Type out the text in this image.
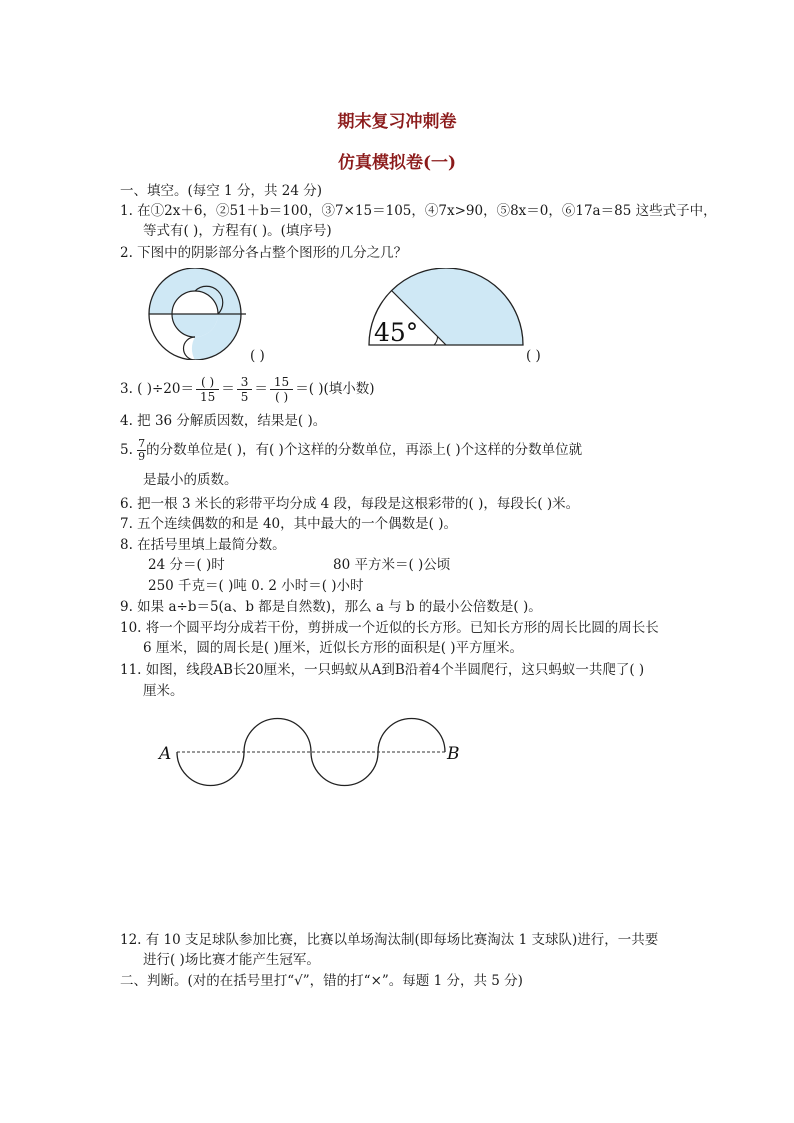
期末复习冲刺卷
仿真模拟卷(一)
一、填空。(每空 1 分，共 24 分)
1. 在①2x＋6，②51＋b＝100，③7×15＝105，④7x>90，⑤8x＝0，⑥17a＝85 这些式子中，
等式有( )，方程有( )。(填序号)
2. 下图中的阴影部分各占整个图形的几分之几？
( )
45°
( )
3. ( )$\div 20= \frac{( )}{15} = \frac{3}{5} = \frac{15}{( )}$ ＝( )(填小数)
4. 把 36 分解质因数，结果是( )。
5. $\frac{7}{9}$ 的分数单位是( )，有( )个这样的分数单位，再添上( )个这样的分数单位就
是最小的质数。
6. 把一根 3 米长的彩带平均分成 4 段，每段是这根彩带的( )，每段长( )米。
7. 五个连续偶数的和是 40，其中最大的一个偶数是( )。
8. 在括号里填上最简分数。
24 分＝( )时	80 平方米＝( )公顷
250 千克＝( )吨 0. 2 小时＝( )小时
9. 如果 a÷b＝5(a、b 都是自然数)，那么 a 与 b 的最小公倍数是( )。
10. 将一个圆平均分成若干份，剪拼成一个近似的长方形。已知长方形的周长比圆的周长长
6 厘米，圆的周长是( )厘米，近似长方形的面积是( )平方厘米。
11. 如图，线段AB长20厘米，一只蚂蚁从A到B沿着4个半圆爬行，这只蚂蚁一共爬了( )
厘米。
A	B
12. 有 10 支足球队参加比赛，比赛以单场淘汰制(即每场比赛淘汰 1 支球队)进行，一共要
进行( )场比赛才能产生冠军。
二、判断。(对的在括号里打“√”，错的打“×”。每题 1 分，共 5 分)
